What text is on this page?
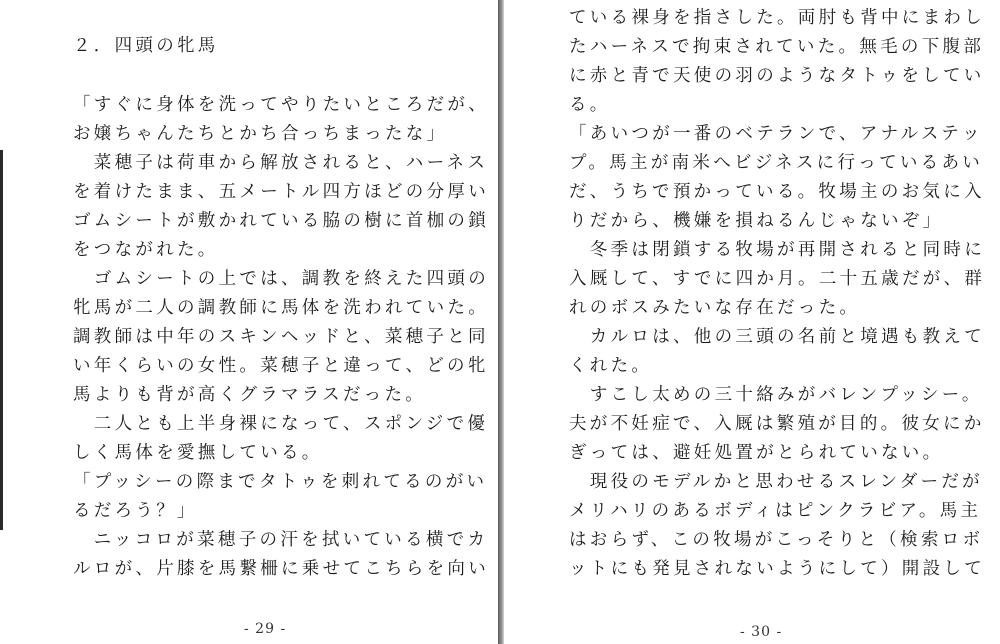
２．四頭の牝馬
「すぐに身体を洗ってやりたいところだが、
お嬢ちゃんたちとかち合っちまったな」
　菜穂子は荷車から解放されると、ハーネス
を着けたまま、五メートル四方ほどの分厚い
ゴムシートが敷かれている脇の樹に首枷の鎖
をつながれた。
　ゴムシートの上では、調教を終えた四頭の
牝馬が二人の調教師に馬体を洗われていた。
調教師は中年のスキンヘッドと、菜穂子と同
い年くらいの女性。菜穂子と違って、どの牝
馬よりも背が高くグラマラスだった。
　二人とも上半身裸になって、スポンジで優
しく馬体を愛撫している。
「プッシーの際までタトゥを刺れてるのがい
るだろう？」
　ニッコロが菜穂子の汗を拭いている横でカ
ルロが、片膝を馬繋柵に乗せてこちらを向い
- 29 -
ている裸身を指さした。両肘も背中にまわし
たハーネスで拘束されていた。無毛の下腹部
に赤と青で天使の羽のようなタトゥをしてい
る。
「あいつが一番のベテランで、アナルステッ
プ。馬主が南米へビジネスに行っているあい
だ、うちで預かっている。牧場主のお気に入
りだから、機嫌を損ねるんじゃないぞ」
　冬季は閉鎖する牧場が再開されると同時に
入厩して、すでに四か月。二十五歳だが、群
れのボスみたいな存在だった。
　カルロは、他の三頭の名前と境遇も教えて
くれた。
　すこし太めの三十絡みがバレンプッシー。
夫が不妊症で、入厩は繁殖が目的。彼女にか
ぎっては、避妊処置がとられていない。
　現役のモデルかと思わせるスレンダーだが
メリハリのあるボディはピンクラビア。馬主
はおらず、この牧場がこっそりと（検索ロボ
ットにも発見されないようにして）開設して
- 30 -
